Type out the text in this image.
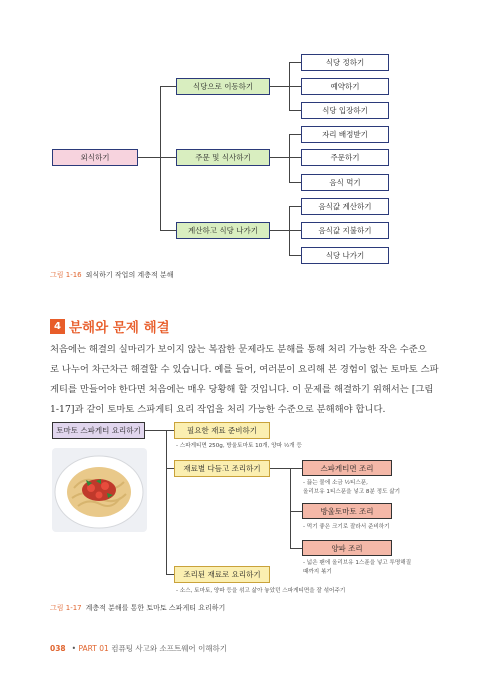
외식하기
식당으로 이동하기
주문 및 식사하기
계산하고 식당 나가기
식당 정하기
예약하기
식당 입장하기
자리 배정받기
주문하기
음식 먹기
음식값 계산하기
음식값 지불하기
식당 나가기
그림 1-16 외식하기 작업의 계층적 분해
4 분해와 문제 해결
처음에는 해결의 실마리가 보이지 않는 복잡한 문제라도 분해를 통해 처리 가능한 작은 수준으
로 나누어 차근차근 해결할 수 있습니다. 예를 들어, 여러분이 요리해 본 경험이 없는 토마토 스파
게티를 만들어야 한다면 처음에는 매우 당황해 할 것입니다. 이 문제를 해결하기 위해서는 [그림
1-17]과 같이 토마토 스파게티 요리 작업을 처리 가능한 수준으로 분해해야 합니다.
토마토 스파게티 요리하기	필요한 재료 준비하기
- 스파게티면 250g, 방울토마토 10개, 양파 ½개 등
재료별 다듬고 조리하기	스파게티면 조리
- 끓는 물에 소금 ½티스푼,
올리브유 1티스푼을 넣고 8분 정도 삶기
방울토마토 조리
- 먹기 좋은 크기로 잘라서 준비하기
양파 조리
- 넓은 팬에 올리브유 1스푼을 넣고 투명해질
때까지 볶기
조리된 재료로 요리하기
- 소스, 토마토, 양파 등을 섞고 삶아 놓았던 스파게티면을 잘 섞어주기
그림 1-17 계층적 분해를 통한 토마토 스파게티 요리하기
038 • PART 01 컴퓨팅 사고와 소프트웨어 이해하기
